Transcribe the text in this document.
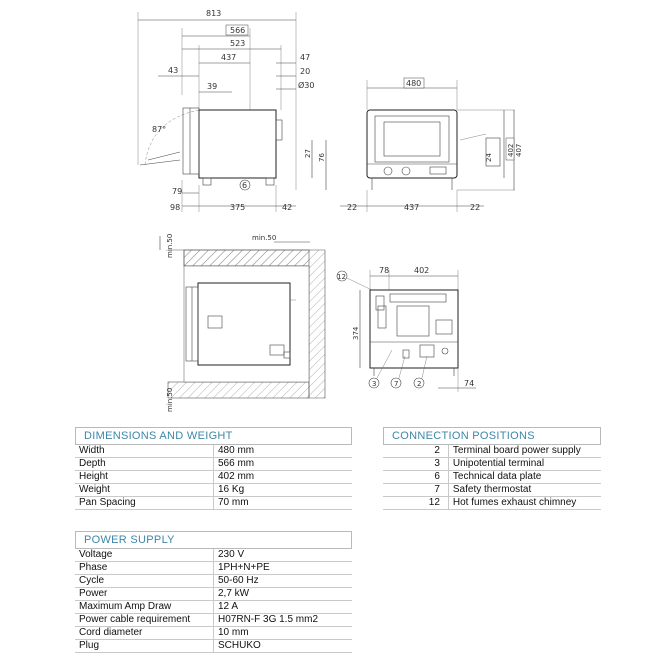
813
566
523
437
43
47
20
39	Ø30
87°
27 76
79
98	375	42
6
480
24
402 407
22	437	22
min.50	min.50
min.50
78	402
12
374
74
3	7	2
DIMENSIONS AND WEIGHT
Width	480 mm
Depth	566 mm
Height	402 mm
Weight	16 Kg
Pan Spacing	70 mm
CONNECTION POSITIONS
2	Terminal board power supply
3	Unipotential terminal
6	Technical data plate
7	Safety thermostat
12	Hot fumes exhaust chimney
POWER SUPPLY
Voltage	230 V
Phase	1PH+N+PE
Cycle	50-60 Hz
Power	2,7 kW
Maximum Amp Draw	12 A
Power cable requirement	H07RN-F 3G 1.5 mm2
Cord diameter	10 mm
Plug	SCHUKO
